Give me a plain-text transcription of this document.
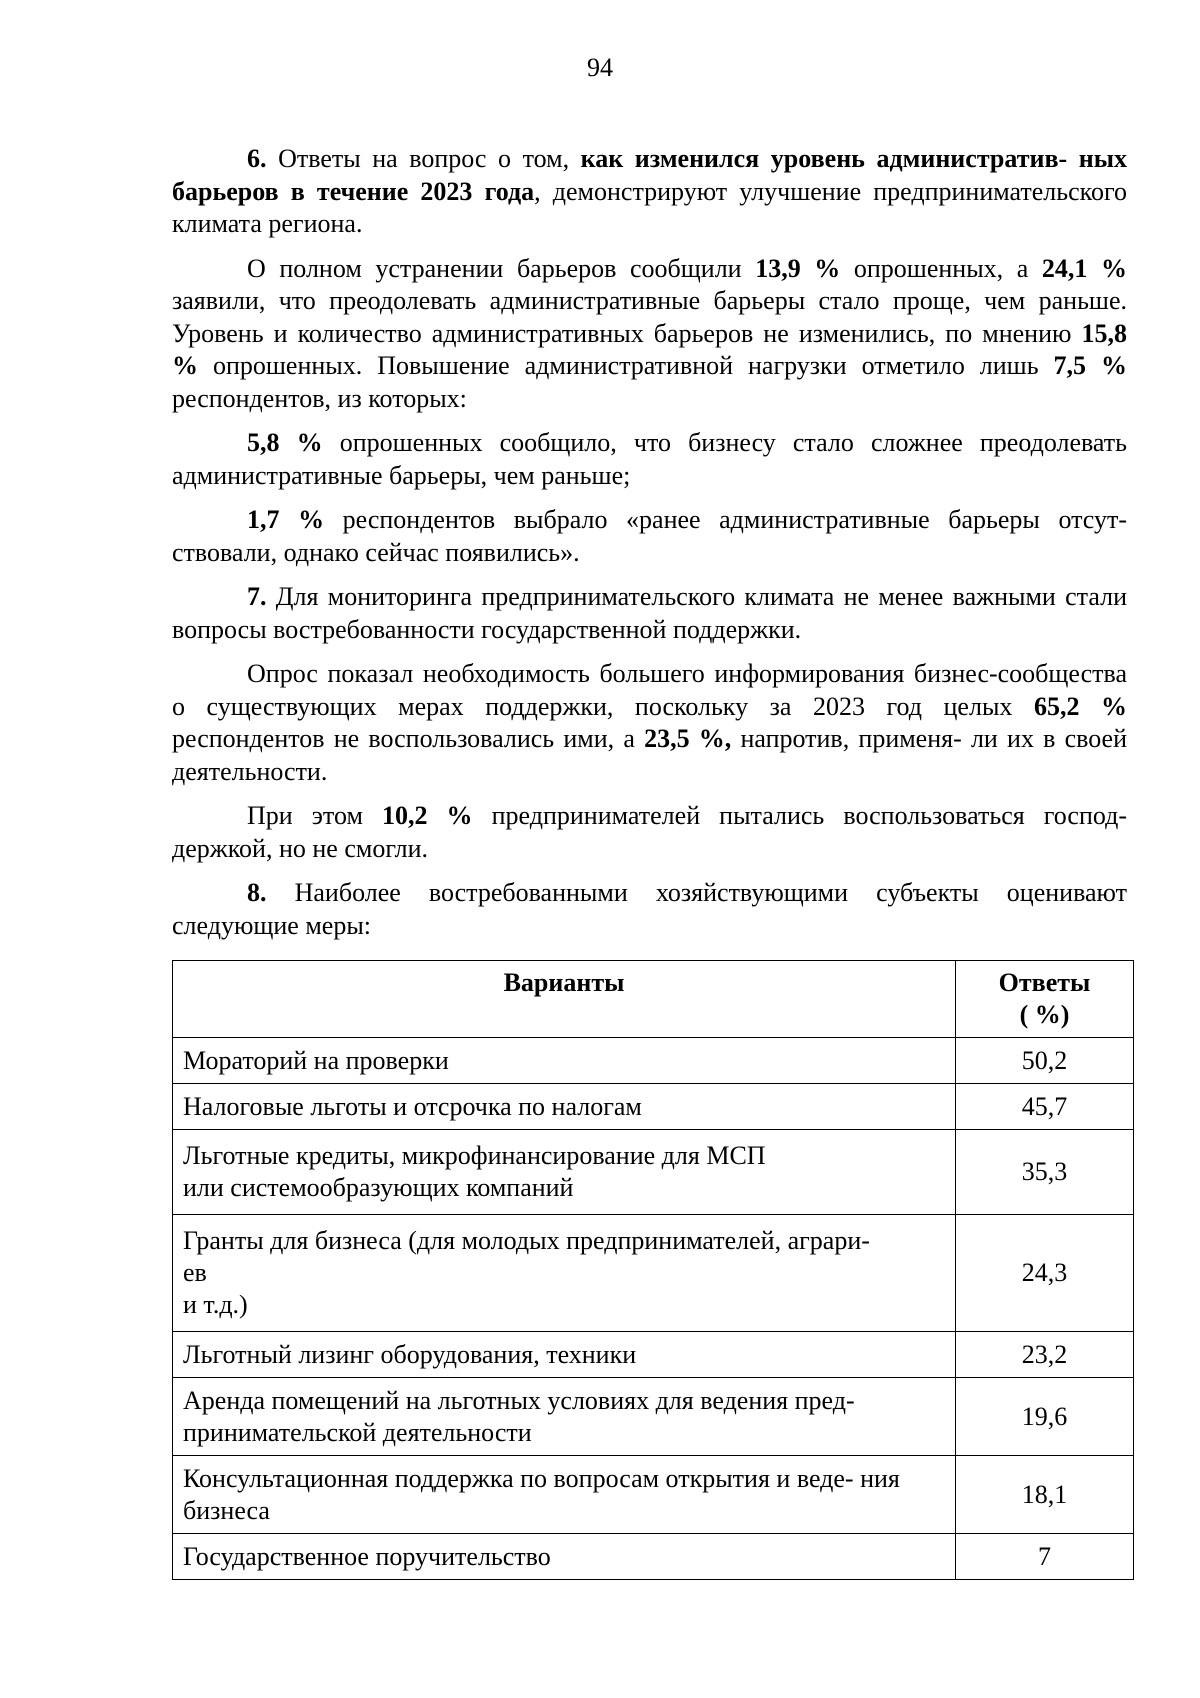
94

6. Ответы на вопрос о том, как изменился уровень административ- ных барьеров в течение 2023 года, демонстрируют улучшение предпринимательского климата региона.

О полном устранении барьеров сообщили 13,9 % опрошенных, а 24,1 % заявили, что преодолевать административные барьеры стало проще, чем раньше. Уровень и количество административных барьеров не изменились, по мнению 15,8 % опрошенных. Повышение административной нагрузки отметило лишь 7,5 % респондентов, из которых:

5,8 % опрошенных сообщило, что бизнесу стало сложнее преодолевать административные барьеры, чем раньше;

1,7 % респондентов выбрало «ранее административные барьеры отсут- ствовали, однако сейчас появились».

7. Для мониторинга предпринимательского климата не менее важными стали вопросы востребованности государственной поддержки.

Опрос показал необходимость большего информирования бизнес-сообщества о существующих мерах поддержки, поскольку за 2023 год целых 65,2 % респондентов не воспользовались ими, а 23,5 %, напротив, применя- ли их в своей деятельности.

При этом 10,2 % предпринимателей пытались воспользоваться господ- держкой, но не смогли.

8. Наиболее востребованными хозяйствующими субъекты оценивают следующие меры:

Варианты	Ответы
( %)

Мораторий на проверки	50,2
Налоговые льготы и отсрочка по налогам	45,7
Льготные кредиты, микрофинансирование для МСП
или системообразующих компаний	35,3
Гранты для бизнеса (для молодых предпринимателей, аграри-
ев
и т.д.)	24,3
Льготный лизинг оборудования, техники	23,2
Аренда помещений на льготных условиях для ведения пред- принимательской деятельности	19,6
Консультационная поддержка по вопросам открытия и веде- ния бизнеса	18,1
Государственное поручительство	7
